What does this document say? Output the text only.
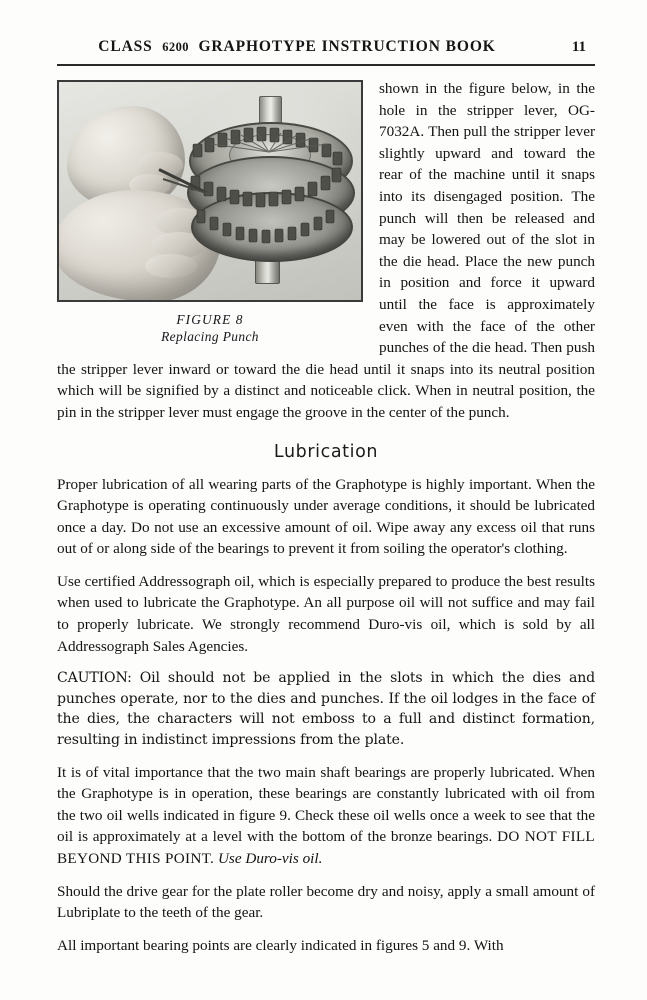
CLASS 6200 GRAPHOTYPE INSTRUCTION BOOK	11
FIGURE 8
Replacing Punch

shown in the figure below, in the hole in the stripper lever, OG-7032A. Then pull the stripper lever slightly upward and toward the rear of the machine until it snaps into its disengaged position. The punch will then be released and may be lowered out of the slot in the die head. Place the new punch in position and force it upward until the face is approximately even with the face of the other punches of the die head. Then push the stripper lever inward or toward the die head until it snaps into its neutral position which will be signified by a distinct and noticeable click. When in neutral position, the pin in the stripper lever must engage the groove in the center of the punch.

Lubrication

Proper lubrication of all wearing parts of the Graphotype is highly important. When the Graphotype is operating continuously under average conditions, it should be lubricated once a day. Do not use an excessive amount of oil. Wipe away any excess oil that runs out of or along side of the bearings to prevent it from soiling the operator's clothing.

Use certified Addressograph oil, which is especially prepared to produce the best results when used to lubricate the Graphotype. An all purpose oil will not suffice and may fail to properly lubricate. We strongly recommend Duro-vis oil, which is sold by all Addressograph Sales Agencies.

CAUTION: Oil should not be applied in the slots in which the dies and punches operate, nor to the dies and punches. If the oil lodges in the face of the dies, the characters will not emboss to a full and distinct formation, resulting in indistinct impressions from the plate.

It is of vital importance that the two main shaft bearings are properly lubricated. When the Graphotype is in operation, these bearings are constantly lubricated with oil from the two oil wells indicated in figure 9. Check these oil wells once a week to see that the oil is approximately at a level with the bottom of the bronze bearings. DO NOT FILL BEYOND THIS POINT. Use Duro-vis oil.

Should the drive gear for the plate roller become dry and noisy, apply a small amount of Lubriplate to the teeth of the gear.

All important bearing points are clearly indicated in figures 5 and 9. With
